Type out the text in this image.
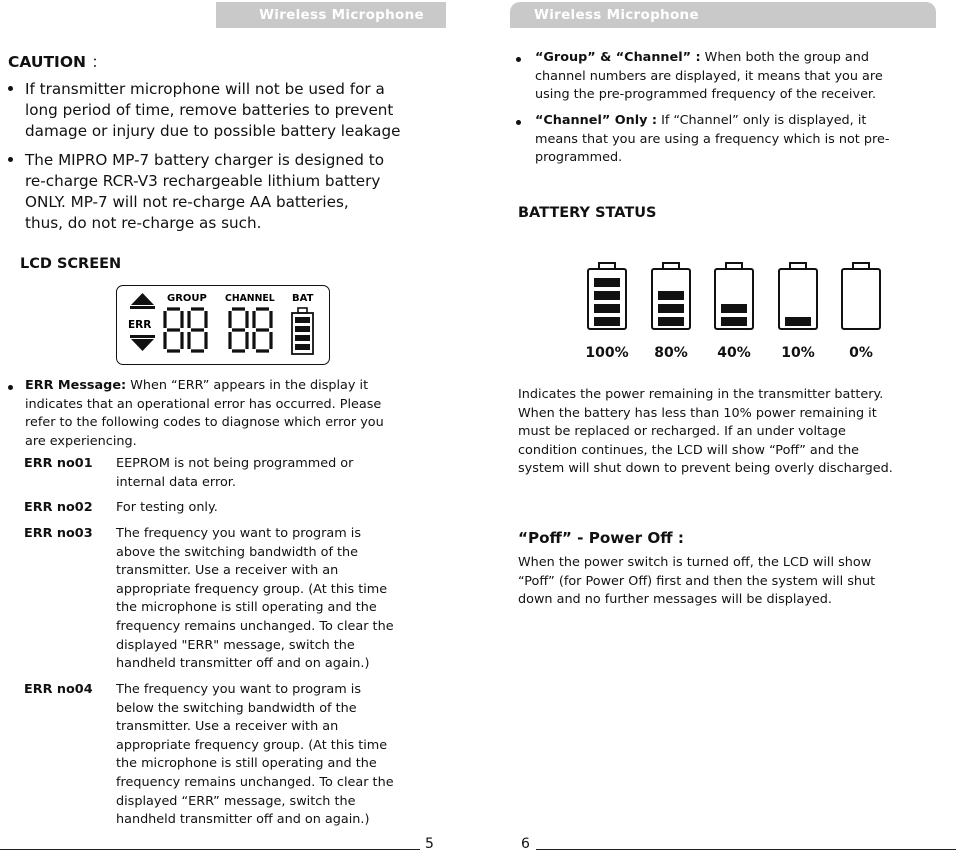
Wireless Microphone
CAUTION ：
If transmitter microphone will not be used for a
long period of time, remove batteries to prevent
damage or injury due to possible battery leakage
The MIPRO MP-7 battery charger is designed to
re-charge RCR-V3 rechargeable lithium battery
ONLY. MP-7 will not re-charge AA batteries,
thus, do not re-charge as such.
LCD SCREEN
GROUP CHANNEL BAT
ERR
ERR Message: When “ERR” appears in the display it
indicates that an operational error has occurred. Please
refer to the following codes to diagnose which error you
are experiencing.
ERR no01 EEPROM is not being programmed or
internal data error.
ERR no02 For testing only.
ERR no03 The frequency you want to program is
above the switching bandwidth of the
transmitter. Use a receiver with an
appropriate frequency group. (At this time
the microphone is still operating and the
frequency remains unchanged. To clear the
displayed "ERR" message, switch the
handheld transmitter off and on again.)
ERR no04 The frequency you want to program is
below the switching bandwidth of the
transmitter. Use a receiver with an
appropriate frequency group. (At this time
the microphone is still operating and the
frequency remains unchanged. To clear the
displayed “ERR” message, switch the
handheld transmitter off and on again.)
5
Wireless Microphone
“Group” & “Channel” : When both the group and
channel numbers are displayed, it means that you are
using the pre-programmed frequency of the receiver.
“Channel” Only : If “Channel” only is displayed, it
means that you are using a frequency which is not pre-
programmed.
BATTERY STATUS
100%	80%	40%	10%	0%
Indicates the power remaining in the transmitter battery.
When the battery has less than 10% power remaining it
must be replaced or recharged. If an under voltage
condition continues, the LCD will show “Poff” and the
system will shut down to prevent being overly discharged.
“Poff” - Power Off :
When the power switch is turned off, the LCD will show
“Poff” (for Power Off) first and then the system will shut
down and no further messages will be displayed.
6
